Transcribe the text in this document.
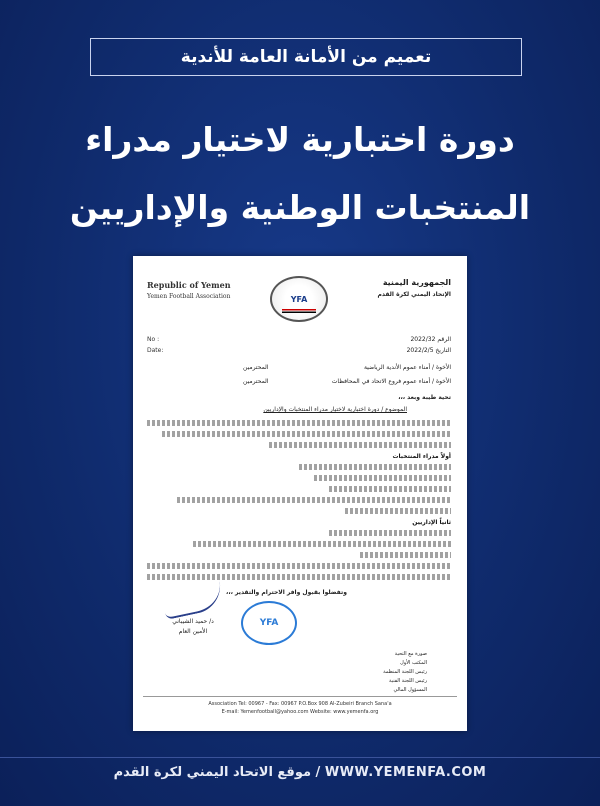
تعميم من الأمانة العامة للأندية
دورة اختبارية لاختيار مدراء
المنتخبات الوطنية والإداريين
Republic of Yemen
Yemen Football Association	YFA
الجمهورية اليمنية
الإتحاد اليمني لكرة القدم
No :
Date:
الرقم 2022/32
التاريخ 2022/2/5
الأخوة / أمناء عموم الأندية الرياضية
المحترمين
الأخوة / أمناء عموم فروع الاتحاد في المحافظات
المحترمين
تحية طيبة وبعد ،،،
الموضوع / دورة اختبارية لاختيار مدراء المنتخبات والإداريين
أولاً مدراء المنتخبات
ثانياً الإداريين
وتفضلوا بقبول وافر الاحترام والتقدير ،،،
د/ حميد الشيباني
الأمين العام
YFA
صورة مع التحية
المكتب الأول
رئيس اللجنة المنظمة
رئيس اللجنة الفنية
المسؤول المالي
Association Tel: 00967 - Fax: 00967 P.O.Box 908 Al-Zubeiri Branch Sana'a
E-mail: Yemenfootball@yahoo.com Website: www.yemenfa.org
موقع الاتحاد اليمني لكرة القدم / WWW.YEMENFA.COM
